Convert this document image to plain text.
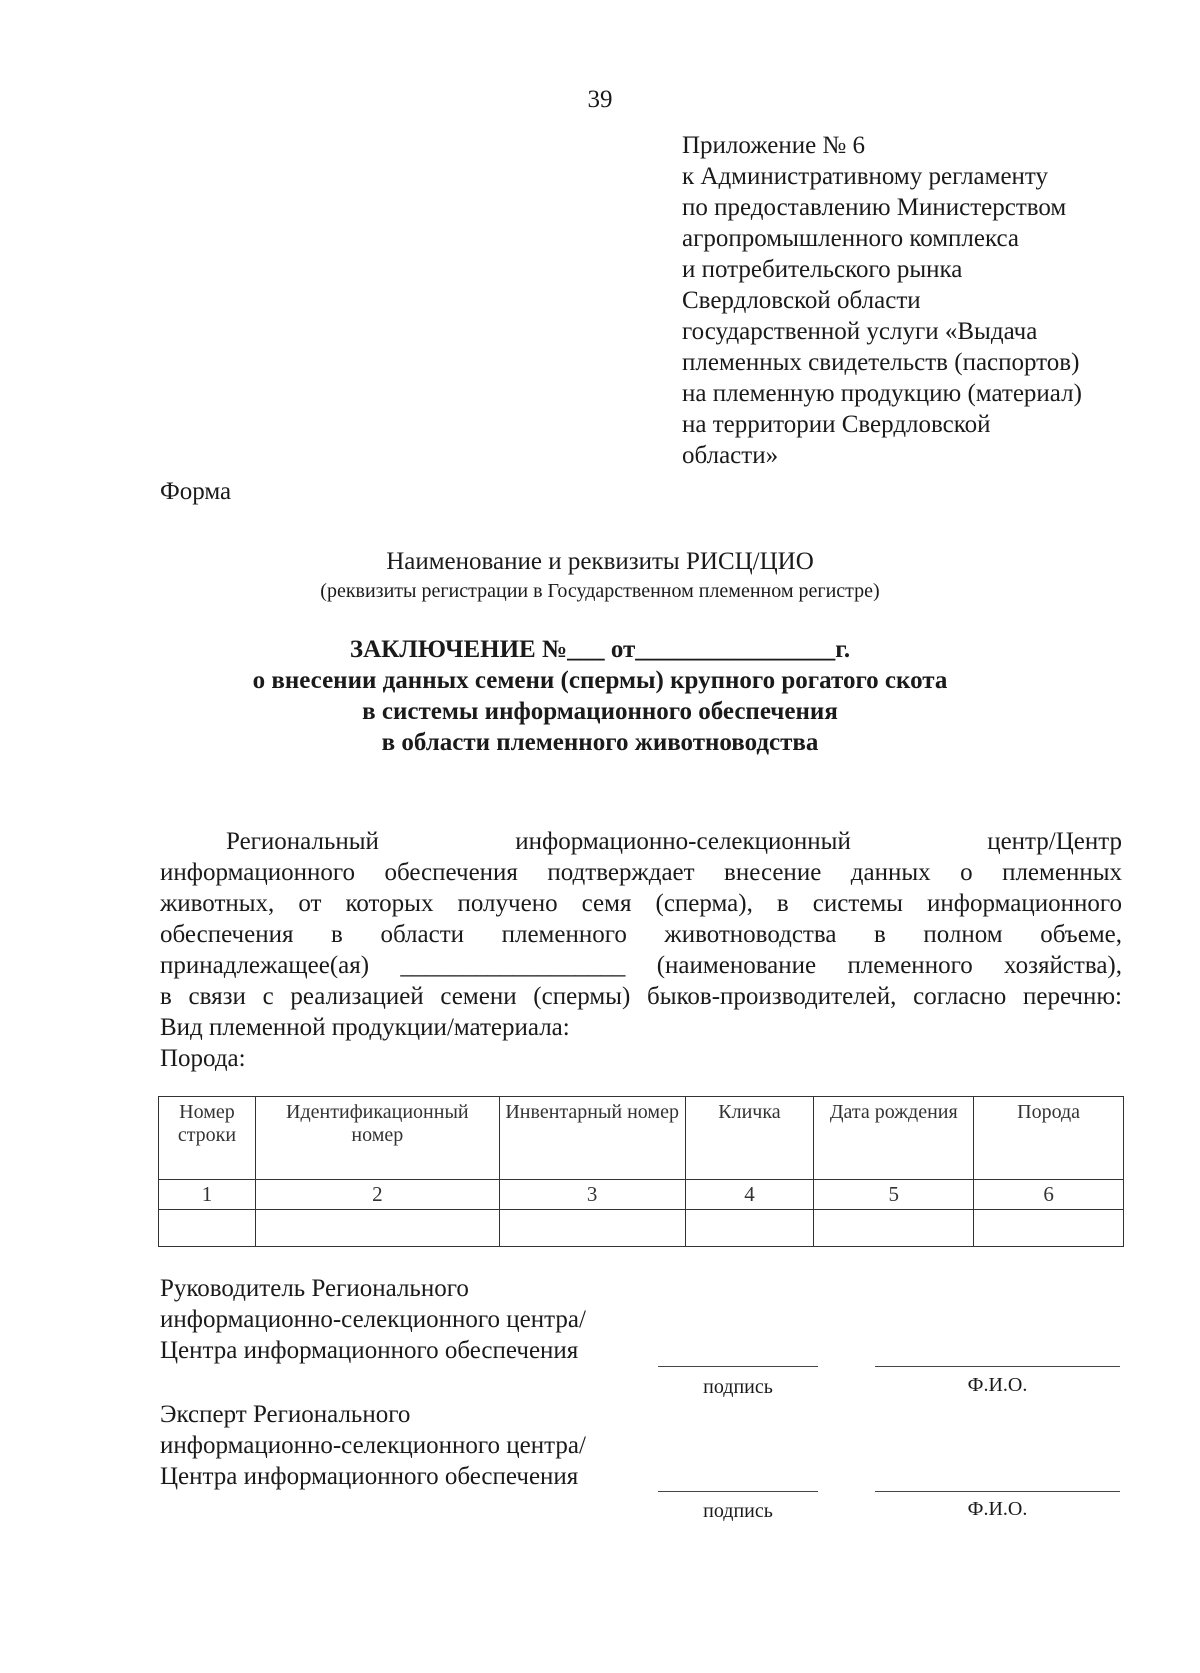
39
Приложение № 6
к Административному регламенту
по предоставлению Министерством
агропромышленного комплекса
и потребительского рынка
Свердловской области
государственной услуги «Выдача
племенных свидетельств (паспортов)
на племенную продукцию (материал)
на территории Свердловской
области»
Форма
Наименование и реквизиты РИСЦ/ЦИО
(реквизиты регистрации в Государственном племенном регистре)
ЗАКЛЮЧЕНИЕ №___ от________________г.
о внесении данных семени (спермы) крупного рогатого скота
в системы информационного обеспечения
в области племенного животноводства
Региональный информационно-селекционный центр/Центр
информационного обеспечения подтверждает внесение данных о племенных
животных, от которых получено семя (сперма), в системы информационного
обеспечения в области племенного животноводства в полном объеме,
принадлежащее(ая) __________________ (наименование племенного хозяйства),
в связи с реализацией семени (спермы) быков-производителей, согласно перечню:
Вид племенной продукции/материала:
Порода:
Номер строки	Идентификационный номер	Инвентарный номер	Кличка	Дата рождения	Порода
1	2	3	4	5	6

Руководитель Регионального
информационно-селекционного центра/
Центра информационного обеспечения
подпись	Ф.И.О.
Эксперт Регионального
информационно-селекционного центра/
Центра информационного обеспечения
подпись	Ф.И.О.
